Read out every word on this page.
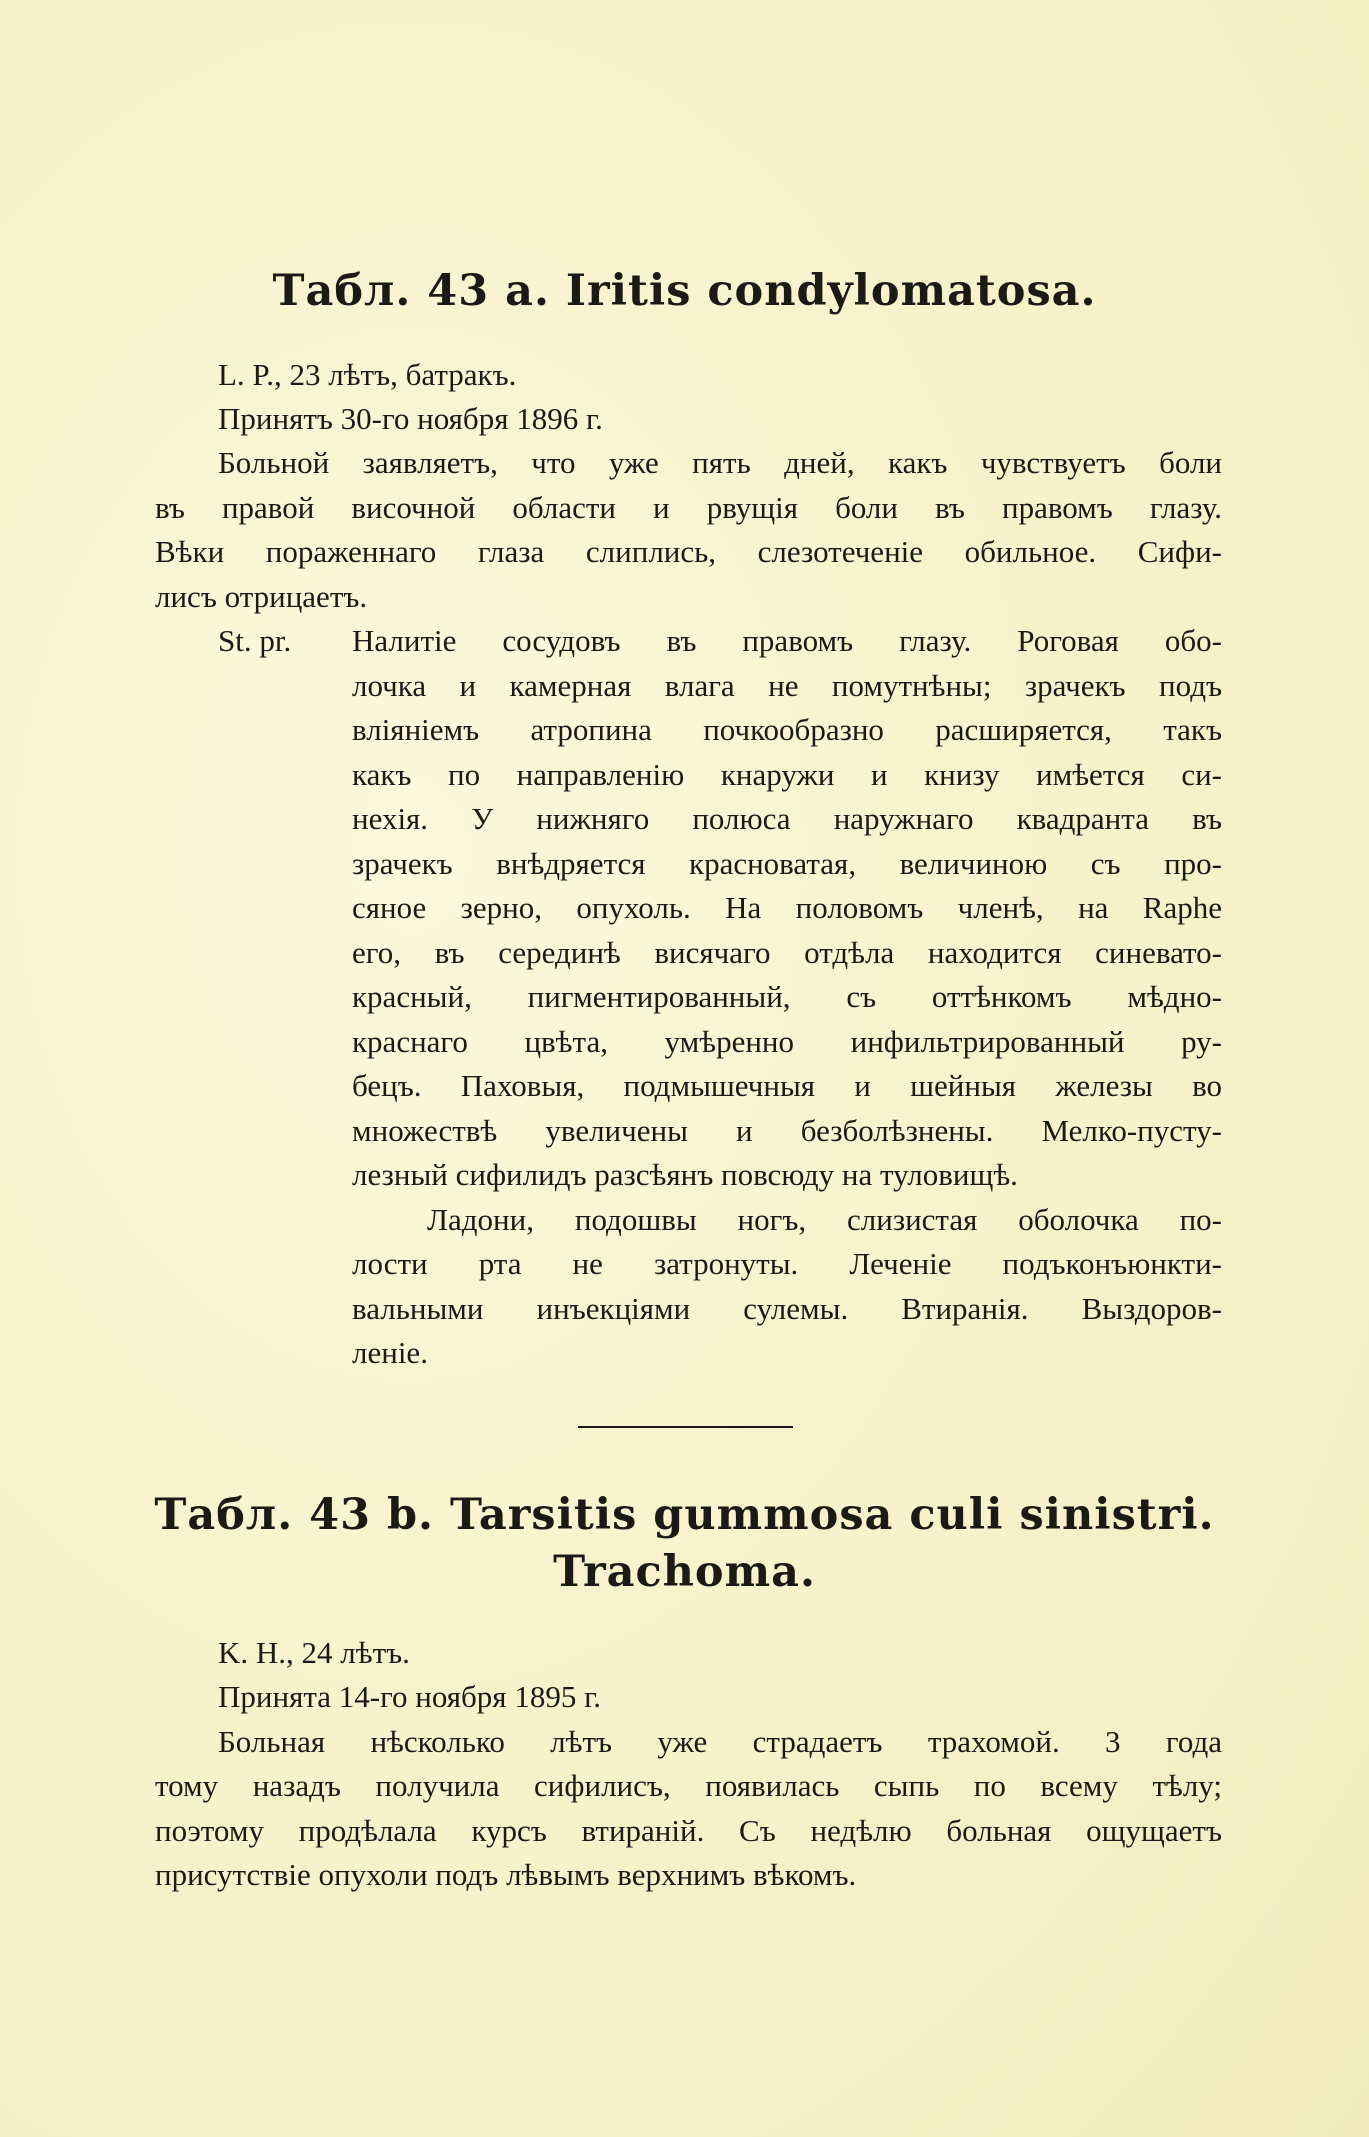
Табл. 43 a. Iritis condylomatosa.
L. P., 23 лѣтъ, батракъ.
Принятъ 30-го ноября 1896 г.
Больной заявляетъ, что уже пять дней, какъ чувствуетъ боли
въ правой височной области и рвущія боли въ правомъ глазу.
Вѣки пораженнаго глаза слиплись, слезотеченіе обильное. Сифи-
лисъ отрицаетъ.
St. pr. Налитіе сосудовъ въ правомъ глазу. Роговая обо-
лочка и камерная влага не помутнѣны; зрачекъ подъ
вліяніемъ атропина почкообразно расширяется, такъ
какъ по направленію кнаружи и книзу имѣется си-
нехія. У нижняго полюса наружнаго квадранта въ
зрачекъ внѣдряется красноватая, величиною съ про-
сяное зерно, опухоль. На половомъ членѣ, на Raphe
его, въ серединѣ висячаго отдѣла находится синевато-
красный, пигментированный, съ оттѣнкомъ мѣдно-
краснаго цвѣта, умѣренно инфильтрированный ру-
бецъ. Паховыя, подмышечныя и шейныя железы во
множествѣ увеличены и безболѣзнены. Мелко-пусту-
лезный сифилидъ разсѣянъ повсюду на туловищѣ.
Ладони, подошвы ногъ, слизистая оболочка по-
лости рта не затронуты. Леченіе подъконъюнкти-
вальными инъекціями сулемы. Втиранія. Выздоров-
леніе.
Табл. 43 b. Tarsitis gummosa culi sinistri.
Trachoma.
K. H., 24 лѣтъ.
Принята 14-го ноября 1895 г.
Больная нѣсколько лѣтъ уже страдаетъ трахомой. 3 года
тому назадъ получила сифилисъ, появилась сыпь по всему тѣлу;
поэтому продѣлала курсъ втираній. Съ недѣлю больная ощущаетъ
присутствіе опухоли подъ лѣвымъ верхнимъ вѣкомъ.
